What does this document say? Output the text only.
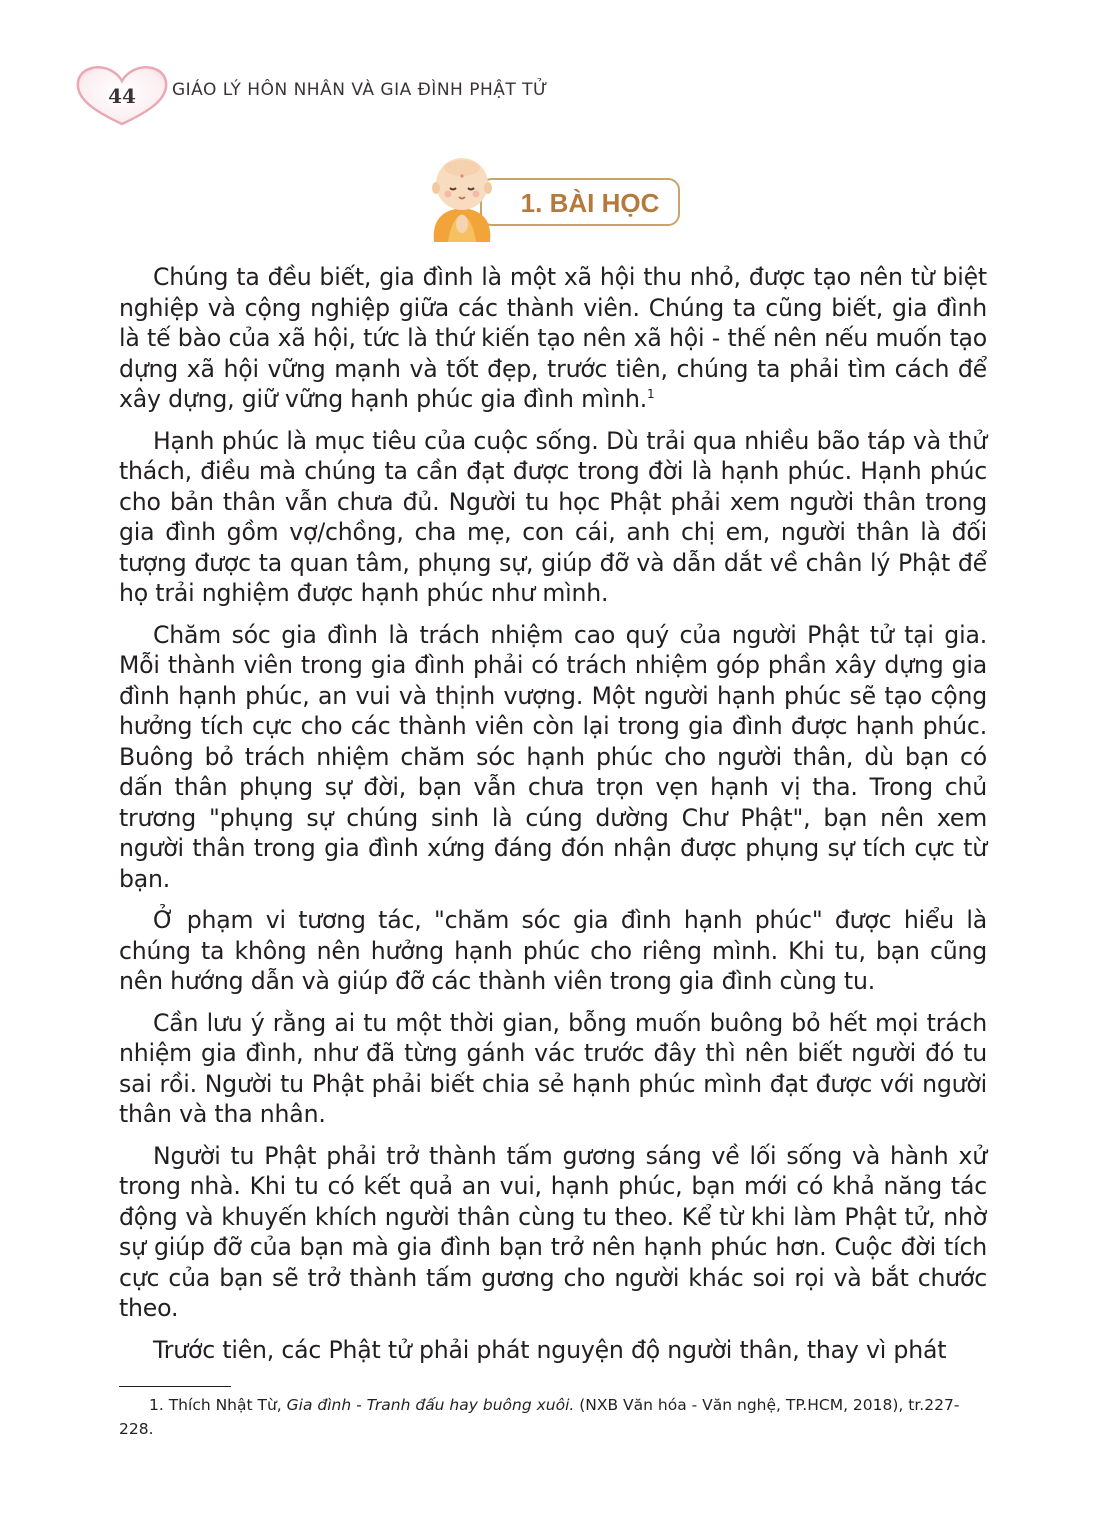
44	GIÁO LÝ HÔN NHÂN VÀ GIA ĐÌNH PHẬT TỬ
1. BÀI HỌC

Chúng ta đều biết, gia đình là một xã hội thu nhỏ, được tạo nên từ biệt nghiệp và cộng nghiệp giữa các thành viên. Chúng ta cũng biết, gia đình là tế bào của xã hội, tức là thứ kiến tạo nên xã hội - thế nên nếu muốn tạo dựng xã hội vững mạnh và tốt đẹp, trước tiên, chúng ta phải tìm cách để xây dựng, giữ vững hạnh phúc gia đình mình.$^1$

Hạnh phúc là mục tiêu của cuộc sống. Dù trải qua nhiều bão táp và thử thách, điều mà chúng ta cần đạt được trong đời là hạnh phúc. Hạnh phúc cho bản thân vẫn chưa đủ. Người tu học Phật phải xem người thân trong gia đình gồm vợ/chồng, cha mẹ, con cái, anh chị em, người thân là đối tượng được ta quan tâm, phụng sự, giúp đỡ và dẫn dắt về chân lý Phật để họ trải nghiệm được hạnh phúc như mình.

Chăm sóc gia đình là trách nhiệm cao quý của người Phật tử tại gia. Mỗi thành viên trong gia đình phải có trách nhiệm góp phần xây dựng gia đình hạnh phúc, an vui và thịnh vượng. Một người hạnh phúc sẽ tạo cộng hưởng tích cực cho các thành viên còn lại trong gia đình được hạnh phúc. Buông bỏ trách nhiệm chăm sóc hạnh phúc cho người thân, dù bạn có dấn thân phụng sự đời, bạn vẫn chưa trọn vẹn hạnh vị tha. Trong chủ trương "phụng sự chúng sinh là cúng dường Chư Phật", bạn nên xem người thân trong gia đình xứng đáng đón nhận được phụng sự tích cực từ bạn.

Ở phạm vi tương tác, "chăm sóc gia đình hạnh phúc" được hiểu là chúng ta không nên hưởng hạnh phúc cho riêng mình. Khi tu, bạn cũng nên hướng dẫn và giúp đỡ các thành viên trong gia đình cùng tu.

Cần lưu ý rằng ai tu một thời gian, bỗng muốn buông bỏ hết mọi trách nhiệm gia đình, như đã từng gánh vác trước đây thì nên biết người đó tu sai rồi. Người tu Phật phải biết chia sẻ hạnh phúc mình đạt được với người thân và tha nhân.

Người tu Phật phải trở thành tấm gương sáng về lối sống và hành xử trong nhà. Khi tu có kết quả an vui, hạnh phúc, bạn mới có khả năng tác động và khuyến khích người thân cùng tu theo. Kể từ khi làm Phật tử, nhờ sự giúp đỡ của bạn mà gia đình bạn trở nên hạnh phúc hơn. Cuộc đời tích cực của bạn sẽ trở thành tấm gương cho người khác soi rọi và bắt chước theo.

Trước tiên, các Phật tử phải phát nguyện độ người thân, thay vì phát

1. Thích Nhật Từ, Gia đình - Tranh đấu hay buông xuôi. (NXB Văn hóa - Văn nghệ, TP.HCM, 2018), tr.227-228.
